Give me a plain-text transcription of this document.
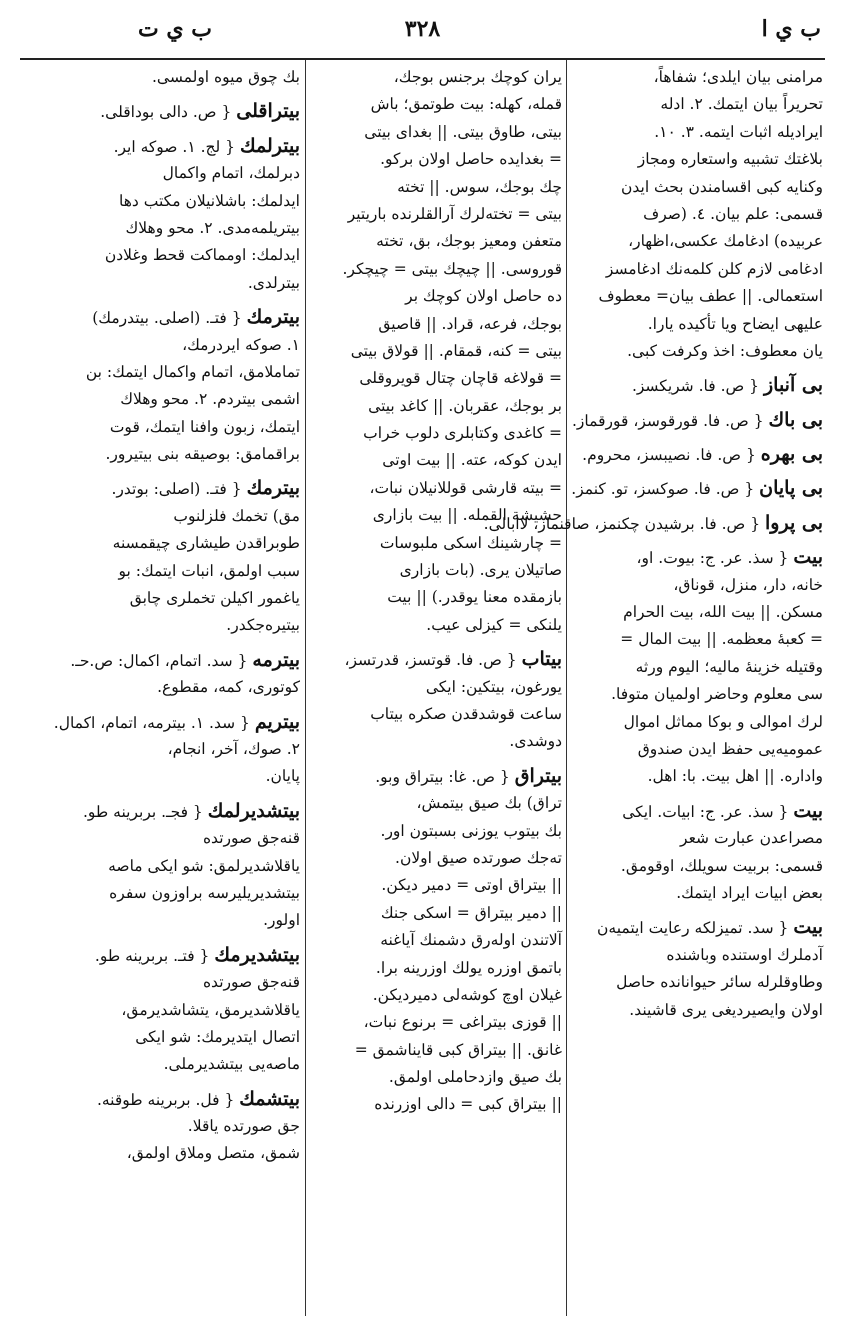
ب ي ت	٣٢٨	ب ي ا
مرامنى بيان ايلدى؛ شفاهاً،
تحريراً بيان ايتمك. ٢. ادله
ايراديله اثبات ايتمه. ٣. ١٠.
بلاغتك تشبيه واستعاره ومجاز
وكنايه كبى اقسامندن بحث ايدن
قسمى: علم بيان. ٤. (صرف
عربيده) ادغامك عكسى،اظهار،
ادغامى لازم كلن كلمه‌نك ادغامسز
استعمالى. || عطف بيان= معطوف
عليهى ايضاح ويا تأكيده يارا.
يان معطوف: اخذ وكرفت كبى.
بى آنباز { ص. فا. شريكسز.
بى باك { ص. فا. قورقوسز، قورقماز.
بى بهره { ص. فا. نصيبسز، محروم.
بى پايان { ص. فا. صوكسز، تو. كنمز.
بى پروا { ص. فا. برشيدن چكنمز، صاقنماز، لاابالى.
بيت { سذ. عر. ج: بيوت. او،
خانه، دار، منزل، قوناق،
مسكن. || بيت الله، بيت الحرام
= كعبهٔ معظمه. || بيت المال =
وقتيله خزينهٔ ماليه؛ اليوم ورثه‌
سى معلوم وحاضر اولميان متوفا.
لرك اموالى و بوكا مماثل اموال
عموميه‌يى حفظ ايدن صندوق
واداره. || اهل بيت. با: اهل.
بيت { سذ. عر. ج: ابيات. ايكى
مصراعدن عبارت شعر
قسمى: بربيت سويلك، اوقومق.
بعض ابيات ايراد ايتمك.
بيت { سد. تميزلكه رعايت ايتميه‌ن
آدملرك اوستنده وباشنده
وطاوقلرله سائر حيوانانده حاصل
اولان وايصيرديغى يرى قاشيند.
يران كوچك برجنس بوجك،
قمله، كهله: بيت طوتمق؛ باش
بيتى، طاوق بيتى. || بغداى بيتى
= بغدايده حاصل اولان بركو.
چك بوجك، سوس. || تخته
بيتى = تخته‌لرك آرالقلرنده باريتير
متعفن ومعيز بوجك، بق، تخته
قوروسى. || چيچك بيتى = چيچكر.
ده حاصل اولان كوچك بر
بوجك، فرعه، قراد. || قاصيق
بيتى = كنه، قمقام. || قولاق بيتى
= قولاغه قاچان چتال قويروقلى
بر بوجك، عقربان. || كاغد بيتى
= كاغدى وكتابلرى دلوب خراب
ايدن كوكه، عته. || بيت اوتى
= بيته قارشى قوللانيلان نبات،
حشيشة القمله. || بيت بازارى
= چارشينك اسكى ملبوسات
صاتيلان يرى. (بات بازارى
بازمقده معنا يوقدر.) || بيت
يلنكى = كيزلى عيب.
بيتاب { ص. فا. قوتسز، قدرتسز،
يورغون، بيتكين: ايكى
ساعت قوشدقدن صكره بيتاب
دوشدى.
بيتراق { ص. غا: بيتراق وبو.
تراق) بك صيق بيتمش،
بك بيتوب يوزنى بسبتون اور.
ته‌جك صورتده صيق اولان.
|| بيتراق اوتى = دمير ديكن.
|| دمير بيتراق = اسكى جنك
آلاتندن اوله‌رق دشمنك آياغنه
باتمق اوزره يولك اوزرينه برا.
غيلان اوچ كوشه‌لى دميرديكن.
|| قوزى بيتراغى = برنوع نبات،
غانق. || بيتراق كبى قايناشمق =
بك صيق وازدحاملى اولمق.
|| بيتراق كبى = دالى اوزرنده
بك چوق ميوه اولمسى.
بيتراقلى { ص. دالى بوداقلى.
بيترلمك { لج. ١. صوكه اير.
دبرلمك، اتمام واكمال
ايدلمك: باشلانيلان مكتب دها
بيتريلمه‌مدى. ٢. محو وهلاك
ايدلمك: اومماكت قحط وغلادن
بيترلدى.
بيترمك { فتـ. (اصلى. بيتدرمك)
١. صوكه ايردرمك،
تماملامق، اتمام واكمال ايتمك: بن
اشمى بيتردم. ٢. محو وهلاك
ايتمك، زبون وافنا ايتمك، قوت
براقمامق: بوصيقه بنى بيتيرور.
بيترمك { فتـ. (اصلى: بوتدر.
مق) تخمك فلزلنوب
طوبراقدن طيشارى چيقمسنه
سبب اولمق، انبات ايتمك: بو
ياغمور اكيلن تخملرى چابق
بيتيره‌جكدر.
بيترمه { سد. اتمام، اكمال: ص.حـ.
كوتورى، كمه، مقطوع.
بيتريم { سد. ١. بيترمه، اتمام، اكمال.
٢. صوك، آخر، انجام،
پايان.
بيتشديرلمك { فجـ. بربرينه طو.
قنه‌جق صورتده
ياقلاشديرلمق: شو ايكى ماصه
بيتشديريليرسه براوزون سفره
اولور.
بيتشديرمك { فتـ. بربرينه طو.
قنه‌جق صورتده
ياقلاشديرمق، يتشاشديرمق،
اتصال ايتديرمك: شو ايكى
ماصه‌يى بيتشديرملى.
بيتشمك { فل. بربرينه طوقنه.
جق صورتده ياقلا.
شمق، متصل وملاق اولمق،
